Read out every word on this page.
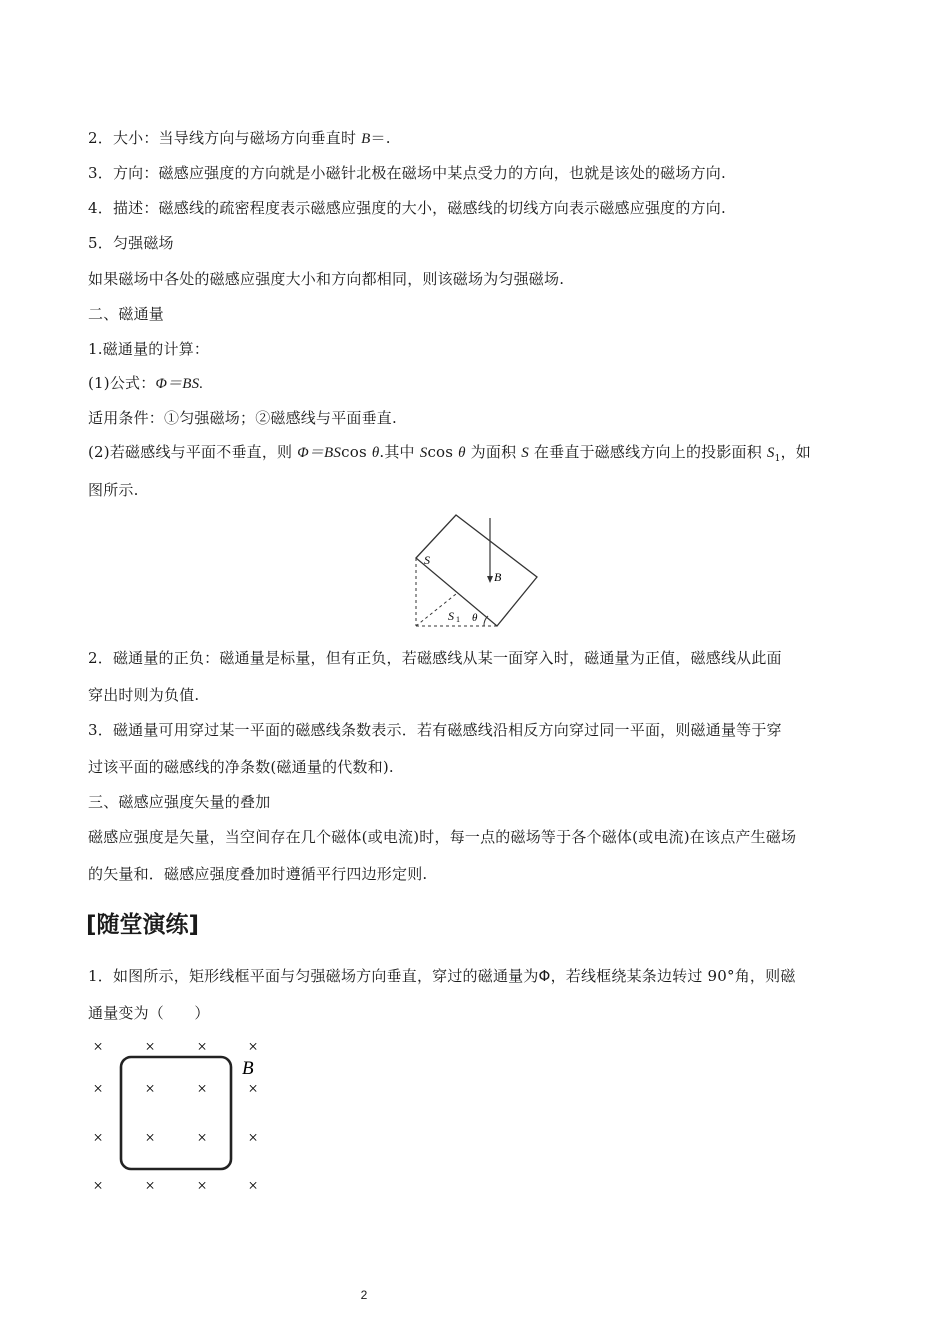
2．大小：当导线方向与磁场方向垂直时 B＝.
3．方向：磁感应强度的方向就是小磁针北极在磁场中某点受力的方向，也就是该处的磁场方向.
4．描述：磁感线的疏密程度表示磁感应强度的大小，磁感线的切线方向表示磁感应强度的方向.
5．匀强磁场
如果磁场中各处的磁感应强度大小和方向都相同，则该磁场为匀强磁场.
二、磁通量
1.磁通量的计算：
(1)公式：Φ＝BS.
适用条件：①匀强磁场；②磁感线与平面垂直.
(2)若磁感线与平面不垂直，则 Φ＝BScos θ.其中 Scos θ 为面积 S 在垂直于磁感线方向上的投影面积 $S_1$，如
图所示.
S
B
S 1 θ
2．磁通量的正负：磁通量是标量，但有正负，若磁感线从某一面穿入时，磁通量为正值，磁感线从此面
穿出时则为负值.
3．磁通量可用穿过某一平面的磁感线条数表示．若有磁感线沿相反方向穿过同一平面，则磁通量等于穿
过该平面的磁感线的净条数(磁通量的代数和).
三、磁感应强度矢量的叠加
磁感应强度是矢量，当空间存在几个磁体(或电流)时，每一点的磁场等于各个磁体(或电流)在该点产生磁场
的矢量和．磁感应强度叠加时遵循平行四边形定则.
[随堂演练]
1．如图所示，矩形线框平面与匀强磁场方向垂直，穿过的磁通量为Φ，若线框绕某条边转过 90°角，则磁
通量变为（　　）
× × × ×
× × × ×
× × × ×
× × × ×
B
2
